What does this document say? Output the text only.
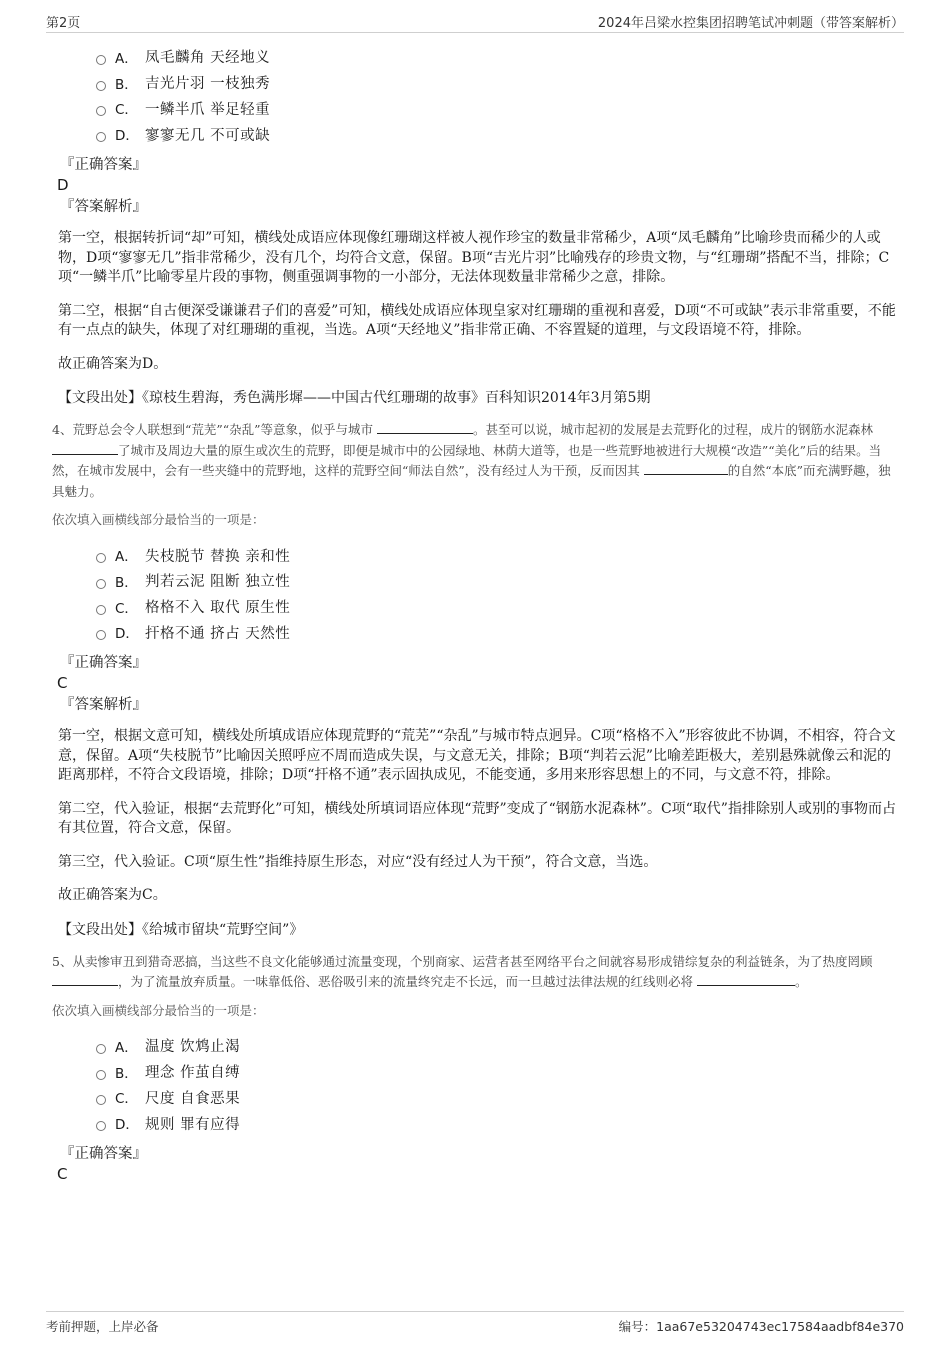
第2页	2024年吕梁水控集团招聘笔试冲刺题（带答案解析）
A． 凤毛麟角 天经地义
B． 吉光片羽 一枝独秀
C． 一鳞半爪 举足轻重
D． 寥寥无几 不可或缺
『正确答案』
D
『答案解析』

第一空，根据转折词“却”可知，横线处成语应体现像红珊瑚这样被人视作珍宝的数量非常稀少，A项“凤毛麟角”比喻珍贵而稀少的人或物，D项“寥寥无几”指非常稀少，没有几个，均符合文意，保留。B项“吉光片羽”比喻残存的珍贵文物，与“红珊瑚”搭配不当，排除；C项“一鳞半爪”比喻零星片段的事物，侧重强调事物的一小部分，无法体现数量非常稀少之意，排除。

第二空，根据“自古便深受谦谦君子们的喜爱”可知，横线处成语应体现皇家对红珊瑚的重视和喜爱，D项“不可或缺”表示非常重要，不能有一点点的缺失，体现了对红珊瑚的重视，当选。A项“天经地义”指非常正确、不容置疑的道理，与文段语境不符，排除。

故正确答案为D。

【文段出处】《琼枝生碧海，秀色满彤墀——中国古代红珊瑚的故事》百科知识2014年3月第5期
4、荒野总会令人联想到“荒芜”“杂乱”等意象，似乎与城市	。甚至可以说，城市起初的发展是去荒野化的过程，成片的钢筋水泥森林 了城市及周边大量的原生或次生的荒野，即便是城市中的公园绿地、林荫大道等，也是一些荒野地被进行大规模“改造”“美化”后的结果。当然，在城市发展中，会有一些夹缝中的荒野地，这样的荒野空间“师法自然”，没有经过人为干预，反而因其	的自然“本底”而充满野趣，独具魅力。
依次填入画横线部分最恰当的一项是：
A． 失枝脱节 替换 亲和性
B． 判若云泥 阻断 独立性
C． 格格不入 取代 原生性
D． 扞格不通 挤占 天然性
『正确答案』
C
『答案解析』

第一空，根据文意可知，横线处所填成语应体现荒野的“荒芜”“杂乱”与城市特点迥异。C项“格格不入”形容彼此不协调，不相容，符合文意，保留。A项“失枝脱节”比喻因关照呼应不周而造成失误，与文意无关，排除；B项“判若云泥”比喻差距极大，差别悬殊就像云和泥的距离那样，不符合文段语境，排除；D项“扞格不通”表示固执成见，不能变通，多用来形容思想上的不同，与文意不符，排除。

第二空，代入验证，根据“去荒野化”可知，横线处所填词语应体现“荒野”变成了“钢筋水泥森林”。C项“取代”指排除别人或别的事物而占有其位置，符合文意，保留。

第三空，代入验证。C项“原生性”指维持原生形态，对应“没有经过人为干预”，符合文意，当选。

故正确答案为C。

【文段出处】《给城市留块“荒野空间”》
5、从卖惨审丑到猎奇恶搞，当这些不良文化能够通过流量变现，个别商家、运营者甚至网络平台之间就容易形成错综复杂的利益链条，为了热度罔顾 ，为了流量放弃质量。一味靠低俗、恶俗吸引来的流量终究走不长远，而一旦越过法律法规的红线则必将	。
依次填入画横线部分最恰当的一项是：
A． 温度 饮鸩止渴
B． 理念 作茧自缚
C． 尺度 自食恶果
D． 规则 罪有应得
『正确答案』
C
考前押题，上岸必备	编号：1aa67e53204743ec17584aadbf84e370
